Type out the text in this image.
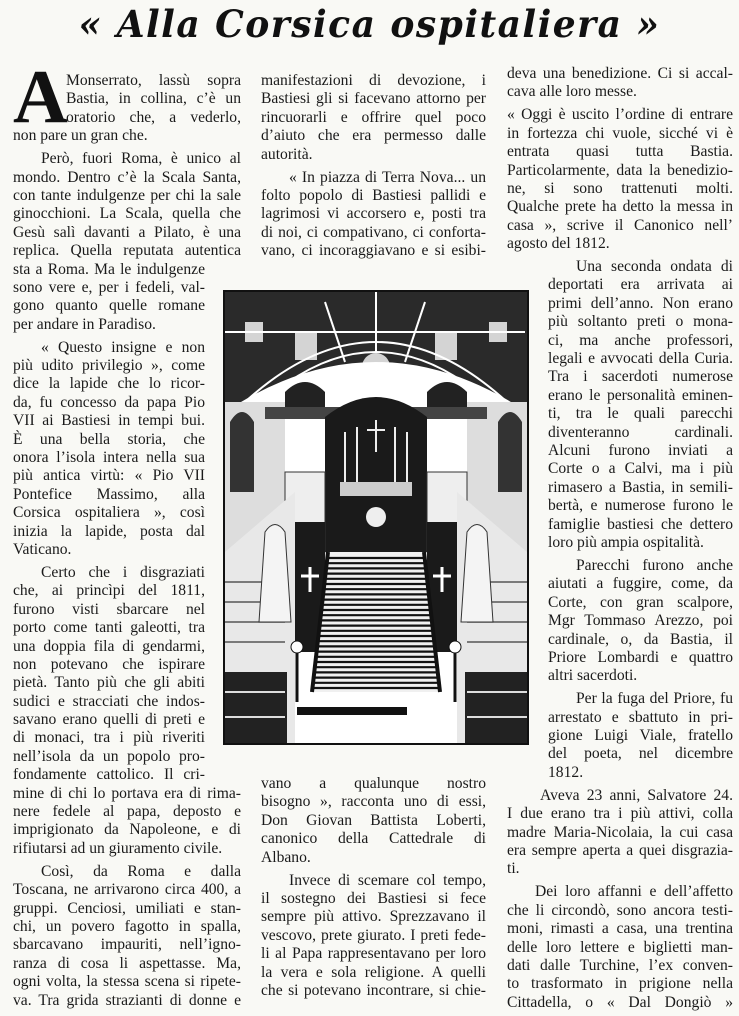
« Alla Corsica ospitaliera »
A
Monserrato, lassù sopra
Bastia, in collina, c’è un
oratorio che, a vederlo,
non pare un gran che.
Però, fuori Roma, è unico al
mondo. Dentro c’è la Scala Santa,
con tante indulgenze per chi la sale
ginocchioni. La Scala, quella che
Gesù salì davanti a Pilato, è una
replica. Quella reputata autentica
sta a Roma. Ma le indulgenze
sono vere e, per i fedeli, val-
gono quanto quelle romane
per andare in Paradiso.
« Questo insigne e non
più udito privilegio », come
dice la lapide che lo ricor-
da, fu concesso da papa Pio
VII ai Bastiesi in tempi bui.
È una bella storia, che
onora l’isola intera nella sua
più antica virtù: « Pio VII
Pontefice Massimo, alla
Corsica ospitaliera », così
inizia la lapide, posta dal
Vaticano.
Certo che i disgraziati
che, ai princìpi del 1811,
furono visti sbarcare nel
porto come tanti galeotti, tra
una doppia fila di gendarmi,
non potevano che ispirare
pietà. Tanto più che gli abiti
sudici e stracciati che indos-
savano erano quelli di preti e
di monaci, tra i più riveriti
nell’isola da un popolo pro-
fondamente cattolico. Il cri-
mine di chi lo portava era di rima-
nere fedele al papa, deposto e
imprigionato da Napoleone, e di
rifiutarsi ad un giuramento civile.
Così, da Roma e dalla
Toscana, ne arrivarono circa 400, a
gruppi. Cenciosi, umiliati e stan-
chi, un povero fagotto in spalla,
sbarcavano impauriti, nell’igno-
ranza di cosa li aspettasse. Ma,
ogni volta, la stessa scena si ripete-
va. Tra grida strazianti di donne e
manifestazioni di devozione, i
Bastiesi gli si facevano attorno per
rincuorarli e offrire quel poco
d’aiuto che era permesso dalle
autorità.
« In piazza di Terra Nova... un
folto popolo di Bastiesi pallidi e
lagrimosi vi accorsero e, posti tra
di noi, ci compativano, ci conforta-
vano, ci incoraggiavano e si esibi-
vano a qualunque nostro
bisogno », racconta uno di essi,
Don Giovan Battista Loberti,
canonico della Cattedrale di
Albano.
Invece di scemare col tempo,
il sostegno dei Bastiesi si fece
sempre più attivo. Sprezzavano il
vescovo, prete giurato. I preti fede-
li al Papa rappresentavano per loro
la vera e sola religione. A quelli
che si potevano incontrare, si chie-
deva una benedizione. Ci si accal-
cava alle loro messe.
« Oggi è uscito l’ordine di entrare
in fortezza chi vuole, sicché vi è
entrata quasi tutta Bastia.
Particolarmente, data la benedizio-
ne, si sono trattenuti molti.
Qualche prete ha detto la messa in
casa », scrive il Canonico nell’
agosto del 1812.
Una seconda ondata di
deportati era arrivata ai
primi dell’anno. Non erano
più soltanto preti o mona-
ci, ma anche professori,
legali e avvocati della Curia.
Tra i sacerdoti numerose
erano le personalità eminen-
ti, tra le quali parecchi
diventeranno cardinali.
Alcuni furono inviati a
Corte o a Calvi, ma i più
rimasero a Bastia, in semili-
bertà, e numerose furono le
famiglie bastiesi che dettero
loro più ampia ospitalità.
Parecchi furono anche
aiutati a fuggire, come, da
Corte, con gran scalpore,
Mgr Tommaso Arezzo, poi
cardinale, o, da Bastia, il
Priore Lombardi e quattro
altri sacerdoti.
Per la fuga del Priore, fu
arrestato e sbattuto in pri-
gione Luigi Viale, fratello
del poeta, nel dicembre
1812.
Aveva 23 anni, Salvatore 24.
I due erano tra i più attivi, colla
madre Maria-Nicolaia, la cui casa
era sempre aperta a quei disgrazia-
ti.
Dei loro affanni e dell’affetto
che li circondò, sono ancora testi-
moni, rimasti a casa, una trentina
delle loro lettere e biglietti man-
dati dalle Turchine, l’ex conven-
to trasformato in prigione nella
Cittadella, o « Dal Dongiò »
